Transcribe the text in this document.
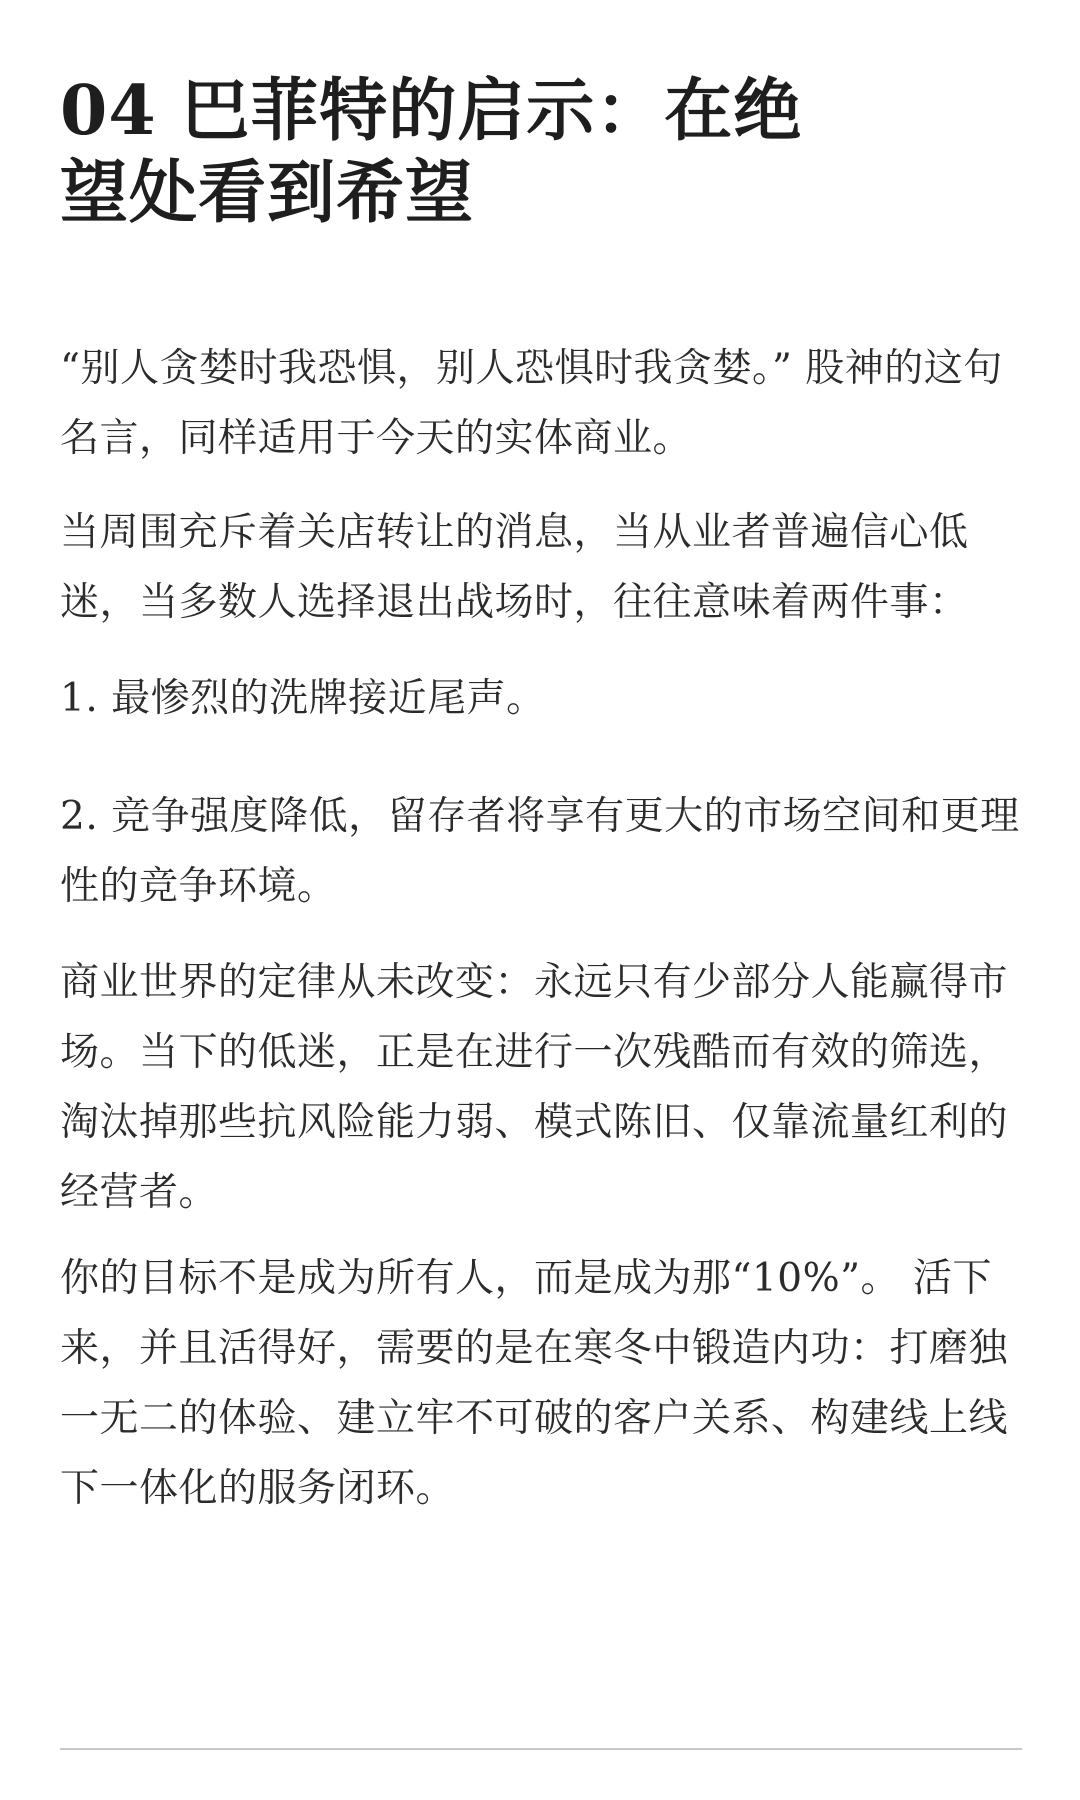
04 巴菲特的启示：在绝望处看到希望

“别人贪婪时我恐惧，别人恐惧时我贪婪。” 股神的这句名言，同样适用于今天的实体商业。

当周围充斥着关店转让的消息，当从业者普遍信心低迷，当多数人选择退出战场时，往往意味着两件事：

1. 最惨烈的洗牌接近尾声。

2. 竞争强度降低，留存者将享有更大的市场空间和更理性的竞争环境。

商业世界的定律从未改变：永远只有少部分人能赢得市场。当下的低迷，正是在进行一次残酷而有效的筛选，淘汰掉那些抗风险能力弱、模式陈旧、仅靠流量红利的经营者。

你的目标不是成为所有人，而是成为那“10%”。 活下来，并且活得好，需要的是在寒冬中锻造内功：打磨独一无二的体验、建立牢不可破的客户关系、构建线上线下一体化的服务闭环。
